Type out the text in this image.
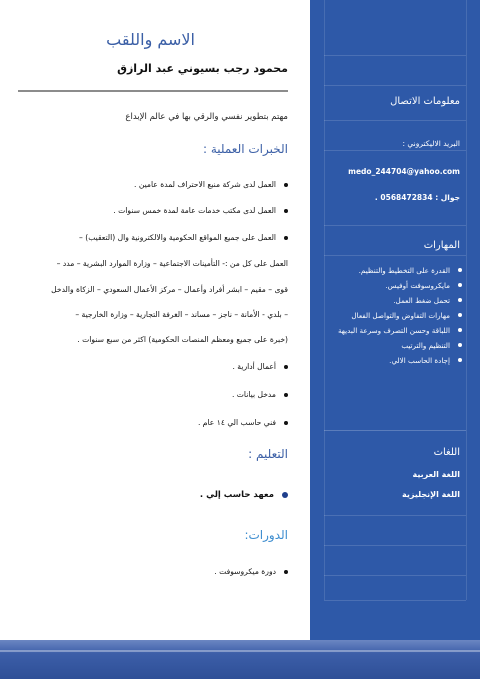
الاسم واللقب
محمود رجب بسيوني عبد الرازق
مهتم بتطوير نفسي والرقي بها في عالم الإبداع
الخبرات العملية :
العمل لدى شركة منبع الاحتراف لمدة عامين .
العمل لدى مكتب خدمات عامة لمدة خمس سنوات .
العمل على جميع المواقع الحكومية والالكترونية وال (التعقيب) –
العمل على كل من :- التأمينات الاجتماعية – وزارة الموارد البشرية – مدد –
قوى – مقيم – ابشر أفراد وأعمال – مركز الأعمال السعودي – الزكاة والدخل
– بلدي - الأمانة – ناجز – مساند – الغرفة التجارية – وزارة الخارجية –
(خبرة على جميع ومعظم المنصات الحكومية) اكثر من سبع سنوات .
أعمال أدارية .
مدخل بيانات .
فني حاسب الي ١٤ عام .
التعليم :
معهد حاسب إلي .
الدورات:
دورة ميكروسوفت .
معلومات الاتصال
البريد الاليكتروني :
medo_244704@yahoo.com
جوال : 0568472834 .
المهارات
القدرة على التخطيط والتنظيم.
مايكروسوفت أوفيس.
تحمل ضغط العمل.
مهارات التفاوض والتواصل الفعال
اللباقة وحسن التصرف وسرعة البديهة
التنظيم والترتيب
إجادة الحاسب الالي.
اللغات
اللغة العربية
اللغة الإنجليزية
